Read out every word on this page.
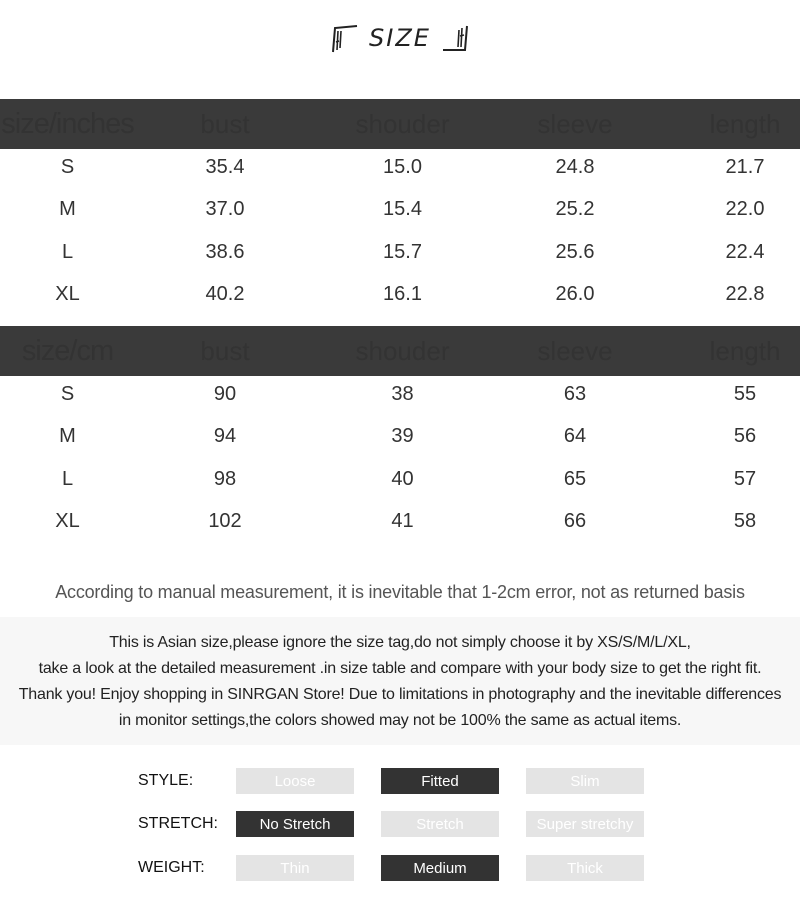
SIZE
size/inches	bust	shouder	sleeve	length
S	35.4	15.0	24.8	21.7
M	37.0	15.4	25.2	22.0
L	38.6	15.7	25.6	22.4
XL	40.2	16.1	26.0	22.8
size/cm	bust	shouder	sleeve	length
S	90	38	63	55
M	94	39	64	56
L	98	40	65	57
XL	102	41	66	58
According to manual measurement, it is inevitable that 1-2cm error, not as returned basis

This is Asian size,please ignore the size tag,do not simply choose it by XS/S/M/L/XL,

take a look at the detailed measurement .in size table and compare with your body size to get the right fit.

Thank you! Enjoy shopping in SINRGAN Store! Due to limitations in photography and the inevitable differences

in monitor settings,the colors showed may not be 100% the same as actual items.

STYLE:	Loose	Fitted	Slim
STRETCH:	No Stretch	Stretch	Super stretchy
WEIGHT:	Thin	Medium	Thick
